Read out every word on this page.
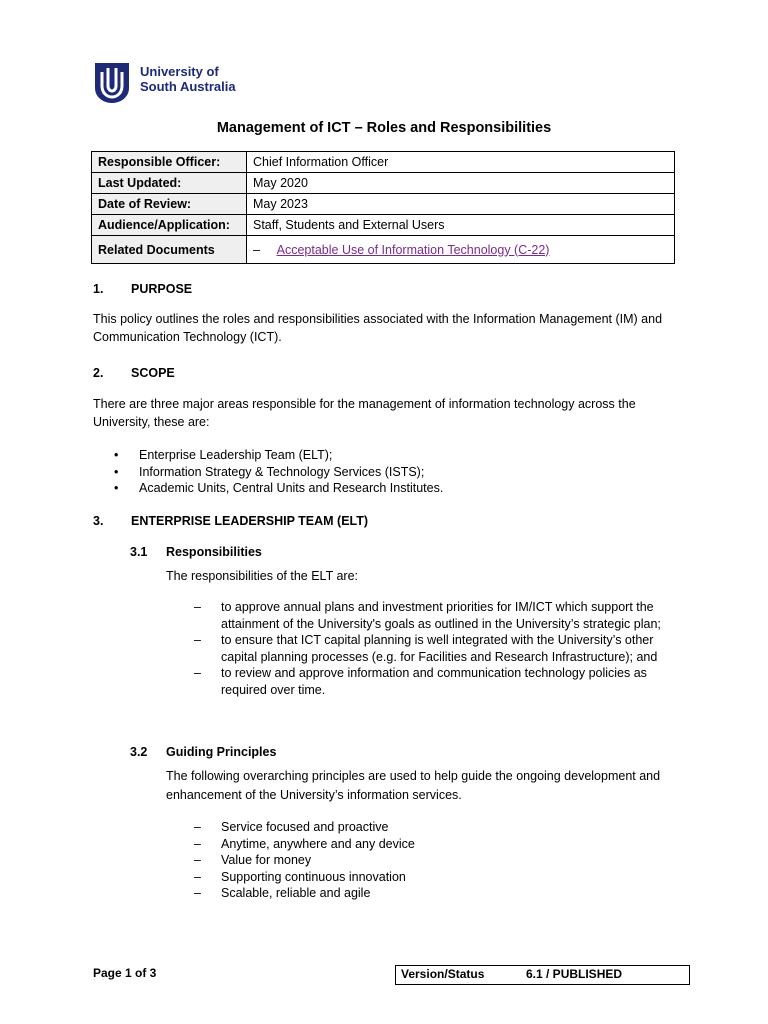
University of
South Australia
Management of ICT – Roles and Responsibilities
Responsible Officer:	Chief Information Officer
Last Updated:	May 2020
Date of Review:	May 2023
Audience/Application:	Staff, Students and External Users
Related Documents	– Acceptable Use of Information Technology (C-22)
1. PURPOSE
This policy outlines the roles and responsibilities associated with the Information Management (IM) and Communication Technology (ICT).
2. SCOPE
There are three major areas responsible for the management of information technology across the University, these are:
• Enterprise Leadership Team (ELT);
• Information Strategy & Technology Services (ISTS);
• Academic Units, Central Units and Research Institutes.
3. ENTERPRISE LEADERSHIP TEAM (ELT)
3.1 Responsibilities
The responsibilities of the ELT are:
– to approve annual plans and investment priorities for IM/ICT which support the attainment of the University's goals as outlined in the University’s strategic plan;
– to ensure that ICT capital planning is well integrated with the University’s other capital planning processes (e.g. for Facilities and Research Infrastructure); and
– to review and approve information and communication technology policies as required over time.
3.2 Guiding Principles
The following overarching principles are used to help guide the ongoing development and enhancement of the University’s information services.
– Service focused and proactive
– Anytime, anywhere and any device
– Value for money
– Supporting continuous innovation
– Scalable, reliable and agile
Page 1 of 3	Version/Status	6.1 / PUBLISHED
